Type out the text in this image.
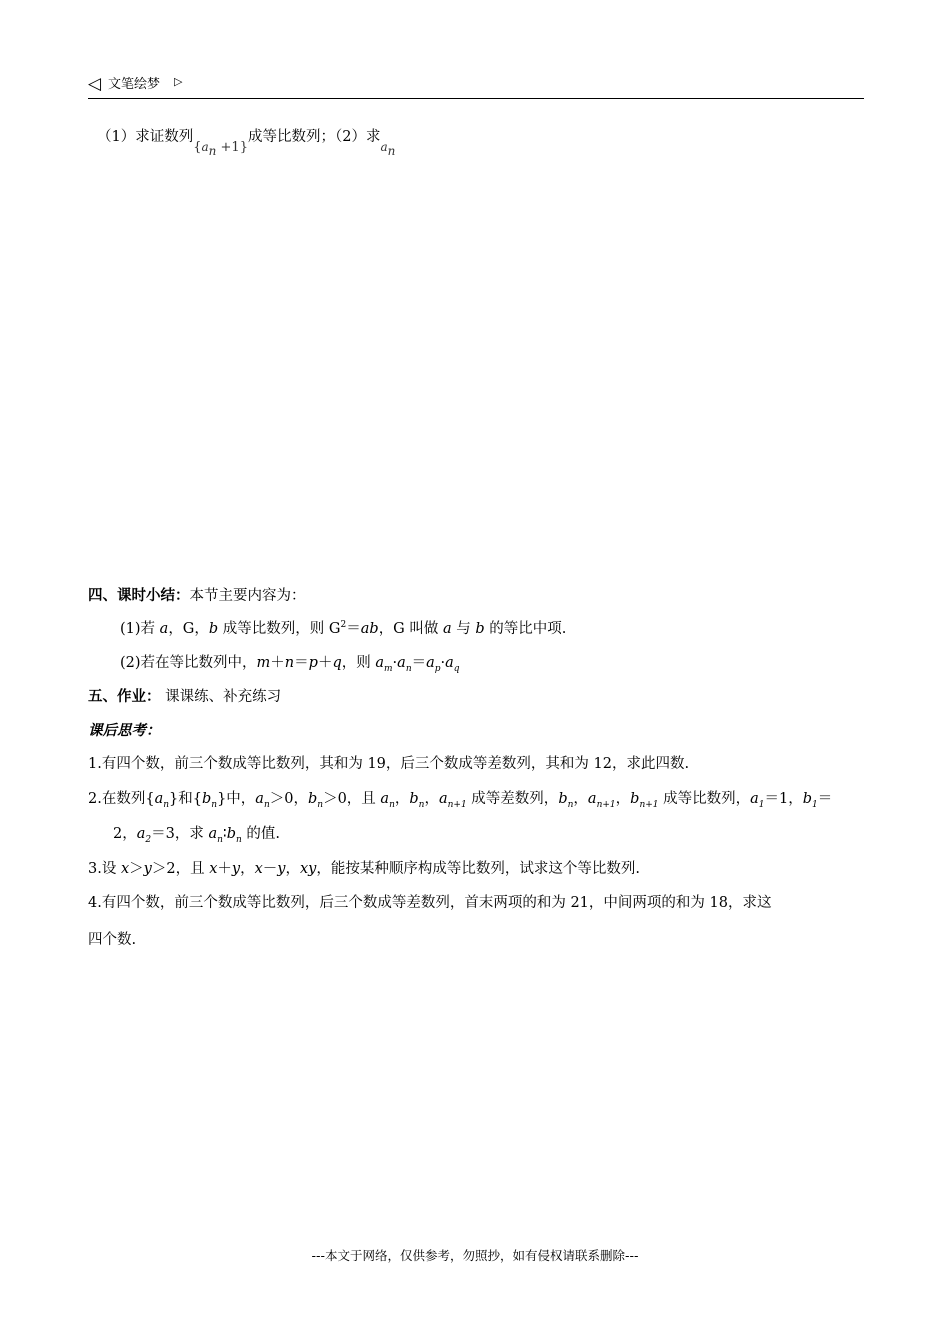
◁ 文笔绘梦 ▷
（1）求证数列$\{a_n +1\}$成等比数列；（2）求$a_n$
四、课时小结：本节主要内容为：
(1)若 a，G，b 成等比数列，则 $G^2=ab$，G 叫做 a 与 b 的等比中项.
(2)若在等比数列中，m＋n＝p＋q，则 $a_m\cdot a_n=a_p\cdot a_q$
五、作业： 课课练、补充练习
课后思考：
1.有四个数，前三个数成等比数列，其和为 19，后三个数成等差数列，其和为 12，求此四数.
2.在数列$\{a_n\}$和$\{b_n\}$中，$a_n>0$，$b_n>0$，且 $a_n$，$b_n$，$a_{n+1}$ 成等差数列，$b_n$，$a_{n+1}$，$b_{n+1}$ 成等比数列，$a_1=1$，$b_1=$
2，$a_2=3$，求 $a_n∶b_n$ 的值.
3.设 x＞y＞2，且 x＋y，x－y，xy，能按某种顺序构成等比数列，试求这个等比数列.
4.有四个数，前三个数成等比数列，后三个数成等差数列，首末两项的和为 21，中间两项的和为 18，求这
四个数.
---本文于网络，仅供参考，勿照抄，如有侵权请联系删除---
